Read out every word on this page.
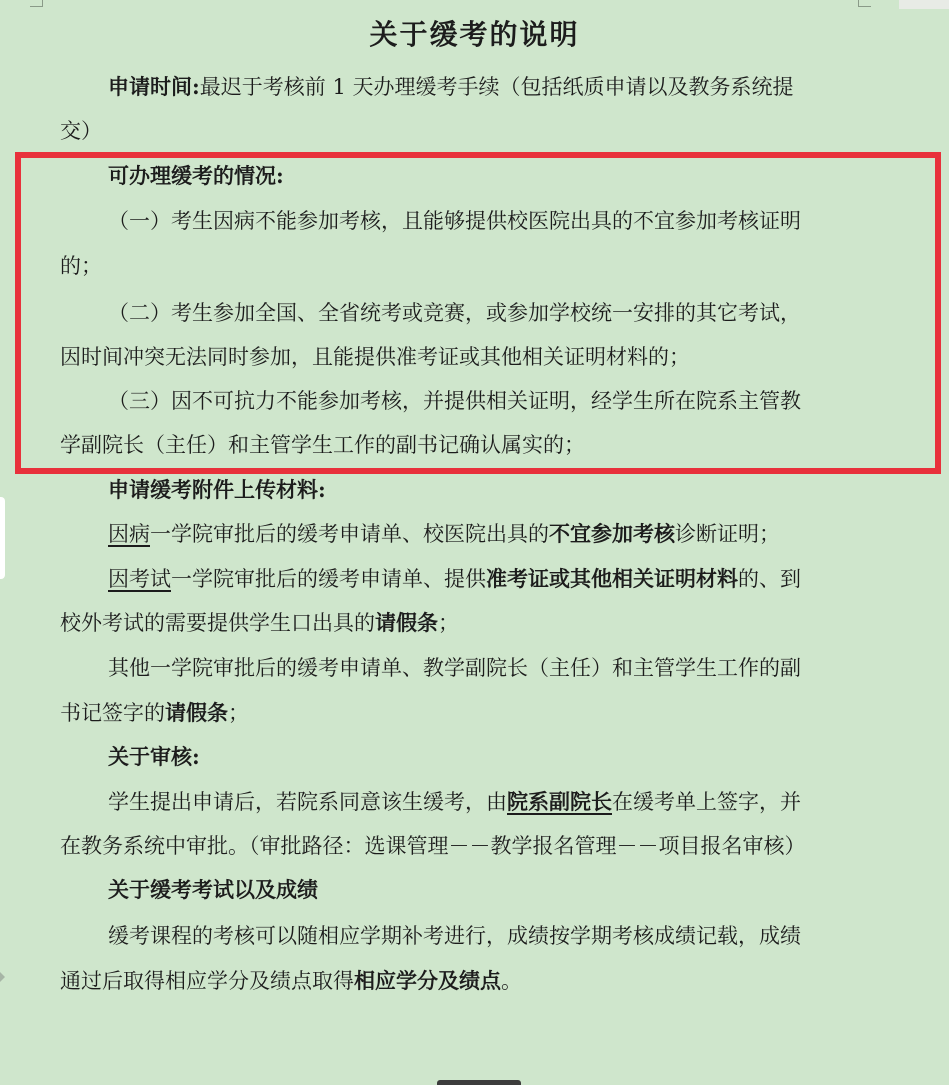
关于缓考的说明
申请时间:最迟于考核前 1 天办理缓考手续（包括纸质申请以及教务系统提
交）
可办理缓考的情况:
（一）考生因病不能参加考核，且能够提供校医院出具的不宜参加考核证明
的；
（二）考生参加全国、全省统考或竞赛，或参加学校统一安排的其它考试，
因时间冲突无法同时参加，且能提供准考证或其他相关证明材料的；
（三）因不可抗力不能参加考核，并提供相关证明，经学生所在院系主管教
学副院长（主任）和主管学生工作的副书记确认属实的；
申请缓考附件上传材料:
因病一学院审批后的缓考申请单、校医院出具的不宜参加考核诊断证明；
因考试一学院审批后的缓考申请单、提供准考证或其他相关证明材料的、到
校外考试的需要提供学生口出具的请假条；
其他一学院审批后的缓考申请单、教学副院长（主任）和主管学生工作的副
书记签字的请假条；
关于审核:
学生提出申请后，若院系同意该生缓考，由院系副院长在缓考单上签字，并
在教务系统中审批。（审批路径：选课管理－－教学报名管理－－项目报名审核）
关于缓考考试以及成绩
缓考课程的考核可以随相应学期补考进行，成绩按学期考核成绩记载，成绩
通过后取得相应学分及绩点取得相应学分及绩点。
